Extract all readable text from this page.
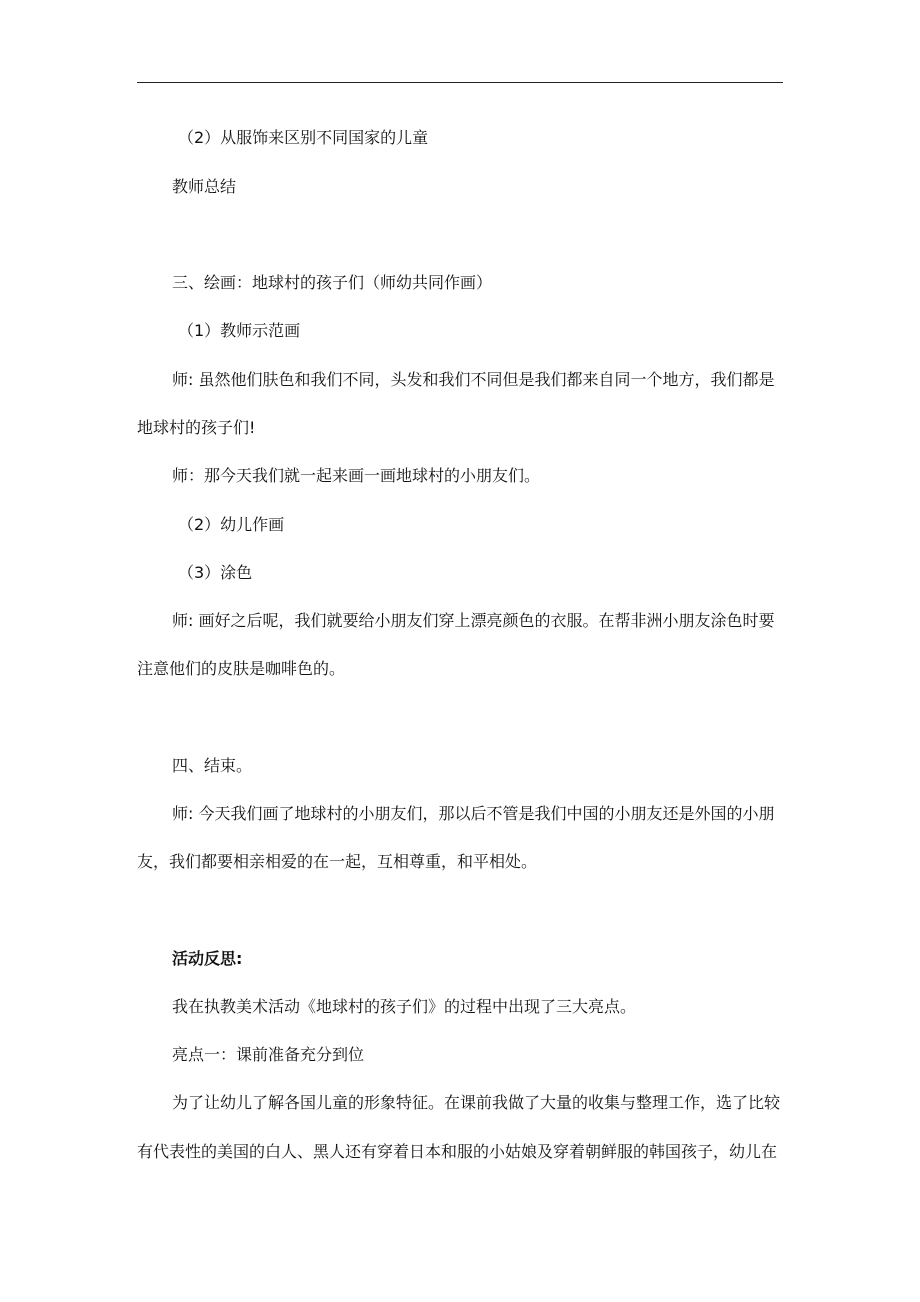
（2）从服饰来区别不同国家的儿童
教师总结
三、绘画：地球村的孩子们（师幼共同作画）
（1）教师示范画
师: 虽然他们肤色和我们不同，头发和我们不同但是我们都来自同一个地方，我们都是
地球村的孩子们!
师：那今天我们就一起来画一画地球村的小朋友们。
（2）幼儿作画
（3）涂色
师: 画好之后呢，我们就要给小朋友们穿上漂亮颜色的衣服。在帮非洲小朋友涂色时要
注意他们的皮肤是咖啡色的。
四、结束。
师: 今天我们画了地球村的小朋友们，那以后不管是我们中国的小朋友还是外国的小朋
友，我们都要相亲相爱的在一起，互相尊重，和平相处。
活动反思:
我在执教美术活动《地球村的孩子们》的过程中出现了三大亮点。
亮点一：课前准备充分到位
为了让幼儿了解各国儿童的形象特征。在课前我做了大量的收集与整理工作，选了比较
有代表性的美国的白人、黑人还有穿着日本和服的小姑娘及穿着朝鲜服的韩国孩子，幼儿在
